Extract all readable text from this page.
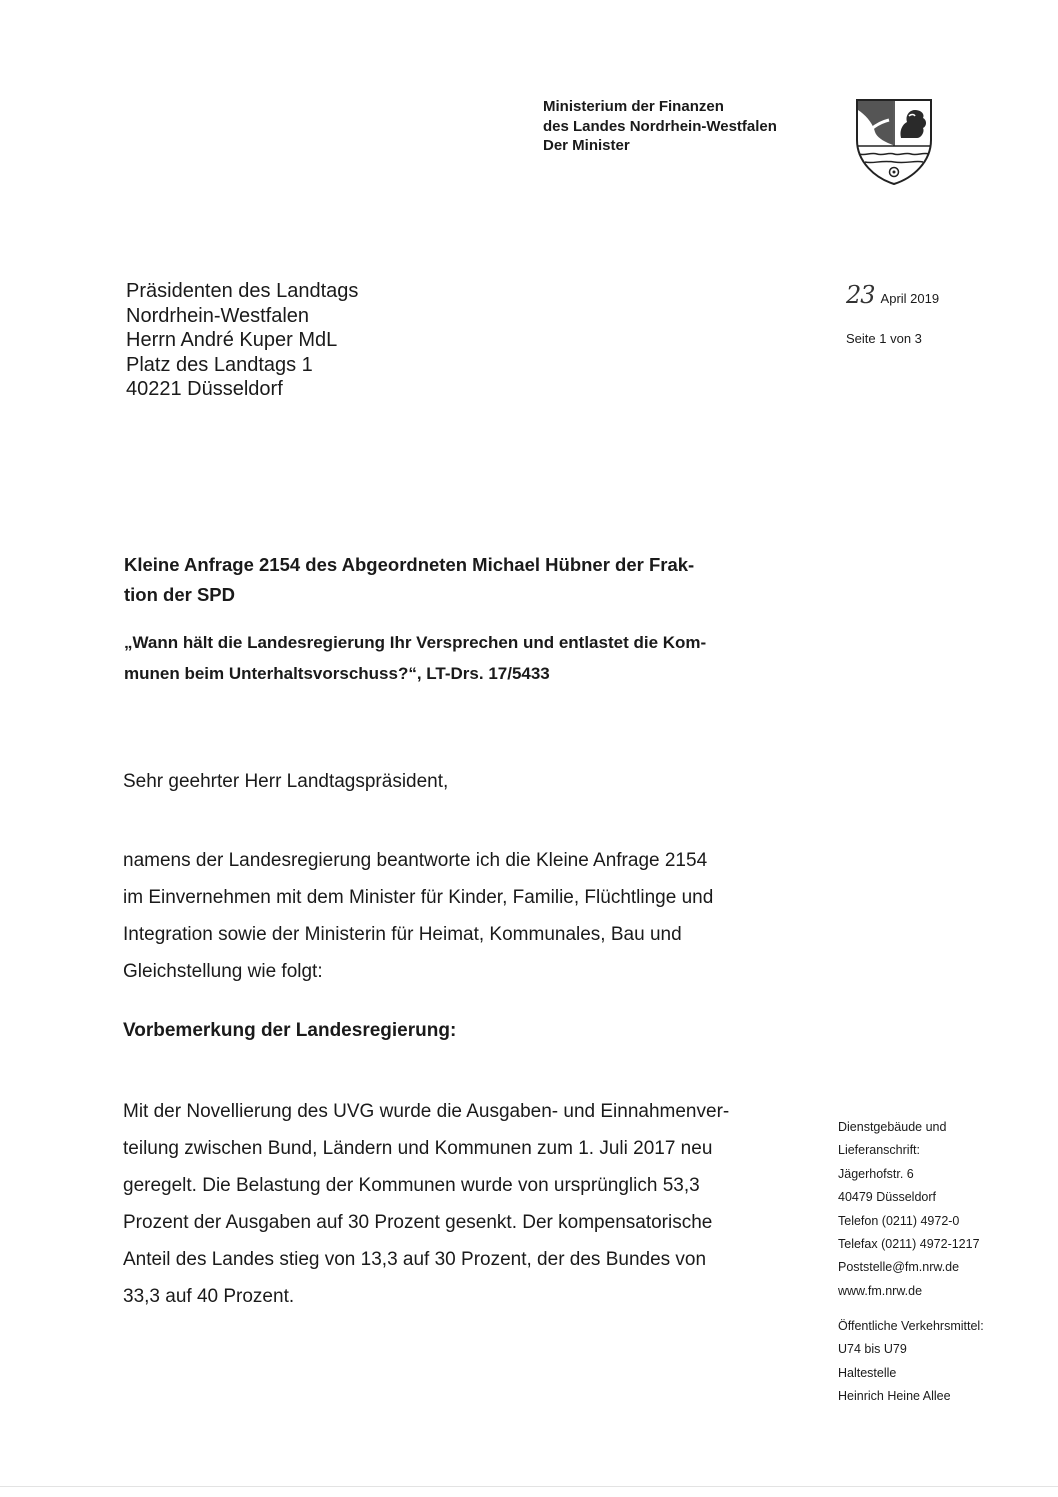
Ministerium der Finanzen
des Landes Nordrhein-Westfalen
Der Minister
Präsidenten des Landtags
Nordrhein-Westfalen
Herrn André Kuper MdL
Platz des Landtags 1
40221 Düsseldorf
23 April 2019
Seite 1 von 3
Kleine Anfrage 2154 des Abgeordneten Michael Hübner der Frak-
tion der SPD
„Wann hält die Landesregierung Ihr Versprechen und entlastet die Kom-
munen beim Unterhaltsvorschuss?“, LT-Drs. 17/5433
Sehr geehrter Herr Landtagspräsident,
namens der Landesregierung beantworte ich die Kleine Anfrage 2154
im Einvernehmen mit dem Minister für Kinder, Familie, Flüchtlinge und
Integration sowie der Ministerin für Heimat, Kommunales, Bau und
Gleichstellung wie folgt:
Vorbemerkung der Landesregierung:
Mit der Novellierung des UVG wurde die Ausgaben- und Einnahmenver-
teilung zwischen Bund, Ländern und Kommunen zum 1. Juli 2017 neu
geregelt. Die Belastung der Kommunen wurde von ursprünglich 53,3
Prozent der Ausgaben auf 30 Prozent gesenkt. Der kompensatorische
Anteil des Landes stieg von 13,3 auf 30 Prozent, der des Bundes von
33,3 auf 40 Prozent.
Dienstgebäude und
Lieferanschrift:
Jägerhofstr. 6
40479 Düsseldorf
Telefon (0211) 4972-0
Telefax (0211) 4972-1217
Poststelle@fm.nrw.de
www.fm.nrw.de
Öffentliche Verkehrsmittel:
U74 bis U79
Haltestelle
Heinrich Heine Allee
